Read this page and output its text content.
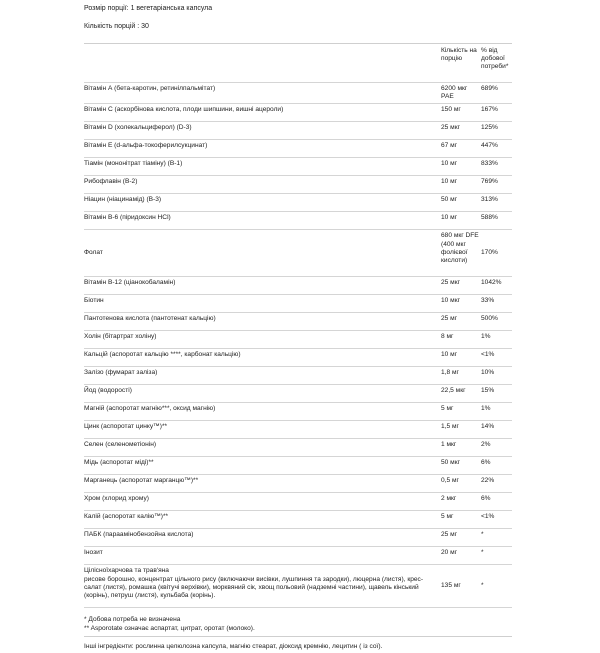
Розмір порції: 1 вегетаріанська капсула

Кількість порцій : 30

	Кількість на порцію	% від добової потреби*
Вітамін А (бета-каротин, ретинілпальмітат)	6200 мкг РАЕ	689%
Вітамін С (аскорбінова кислота, плоди шипшини, вишні ацероли)	150 мг	167%
Вітамін D (холекальциферол) (D-3)	25 мкг	125%
Вітамін Е (d-альфа-токоферилсукцинат)	67 мг	447%
Тіамін (мононітрат тіаміну) (В-1)	10 мг	833%
Рибофлавін (В-2)	10 мг	769%
Ніацин (ніацинамід) (В-3)	50 мг	313%
Вітамін В-6 (піридоксин HCl)	10 мг	588%
Фолат	680 мкг DFE (400 мкг фолієвої кислоти)	170%
Вітамін B-12 (ціанокобаламін)	25 мкг	1042%
Біотин	10 мкг	33%
Пантотенова кислота (пантотенат кальцію)	25 мг	500%
Холін (бітартрат холіну)	8 мг	1%
Кальцій (аспоротат кальцію ****, карбонат кальцію)	10 мг	<1%
Залізо (фумарат заліза)	1,8 мг	10%
Йод (водорості)	22,5 мкг	15%
Магній (аспоротат магнію***, оксид магнію)	5 мг	1%
Цинк (аспоротат цинку™)**	1,5 мг	14%
Селен (селенометіонін)	1 мкг	2%
Мідь (аспоротат міді)**	50 мкг	6%
Марганець (аспоротат марганцю™)**	0,5 мг	22%
Хром (хлорид хрому)	2 мкг	6%
Калій (аспоротат калію™)**	5 мг	<1%
ПАБК (параамінобензойна кислота)	25 мг	*
Інозит	20 мг	*

Цілісноїхарчова та трав'яна
рисове борошно, концентрат цільного рису (включаючи висівки, лушпиння та зародки), люцерна (листя), крес-салат (листя), ромашка (квітучі верхівки), морквяний сік, хвощ польовий (надземні частини), щавель кінський (корінь), петруш (листя), кульбаба (корінь).	135 мг	*

* Добова потреба не визначена

** Asporotate означає аспартат, цитрат, оротат (молоко).

Інші інгредієнти: рослинна целюлозна капсула, магнію стеарат, діоксид кремнію, лецитин ( із сої).
